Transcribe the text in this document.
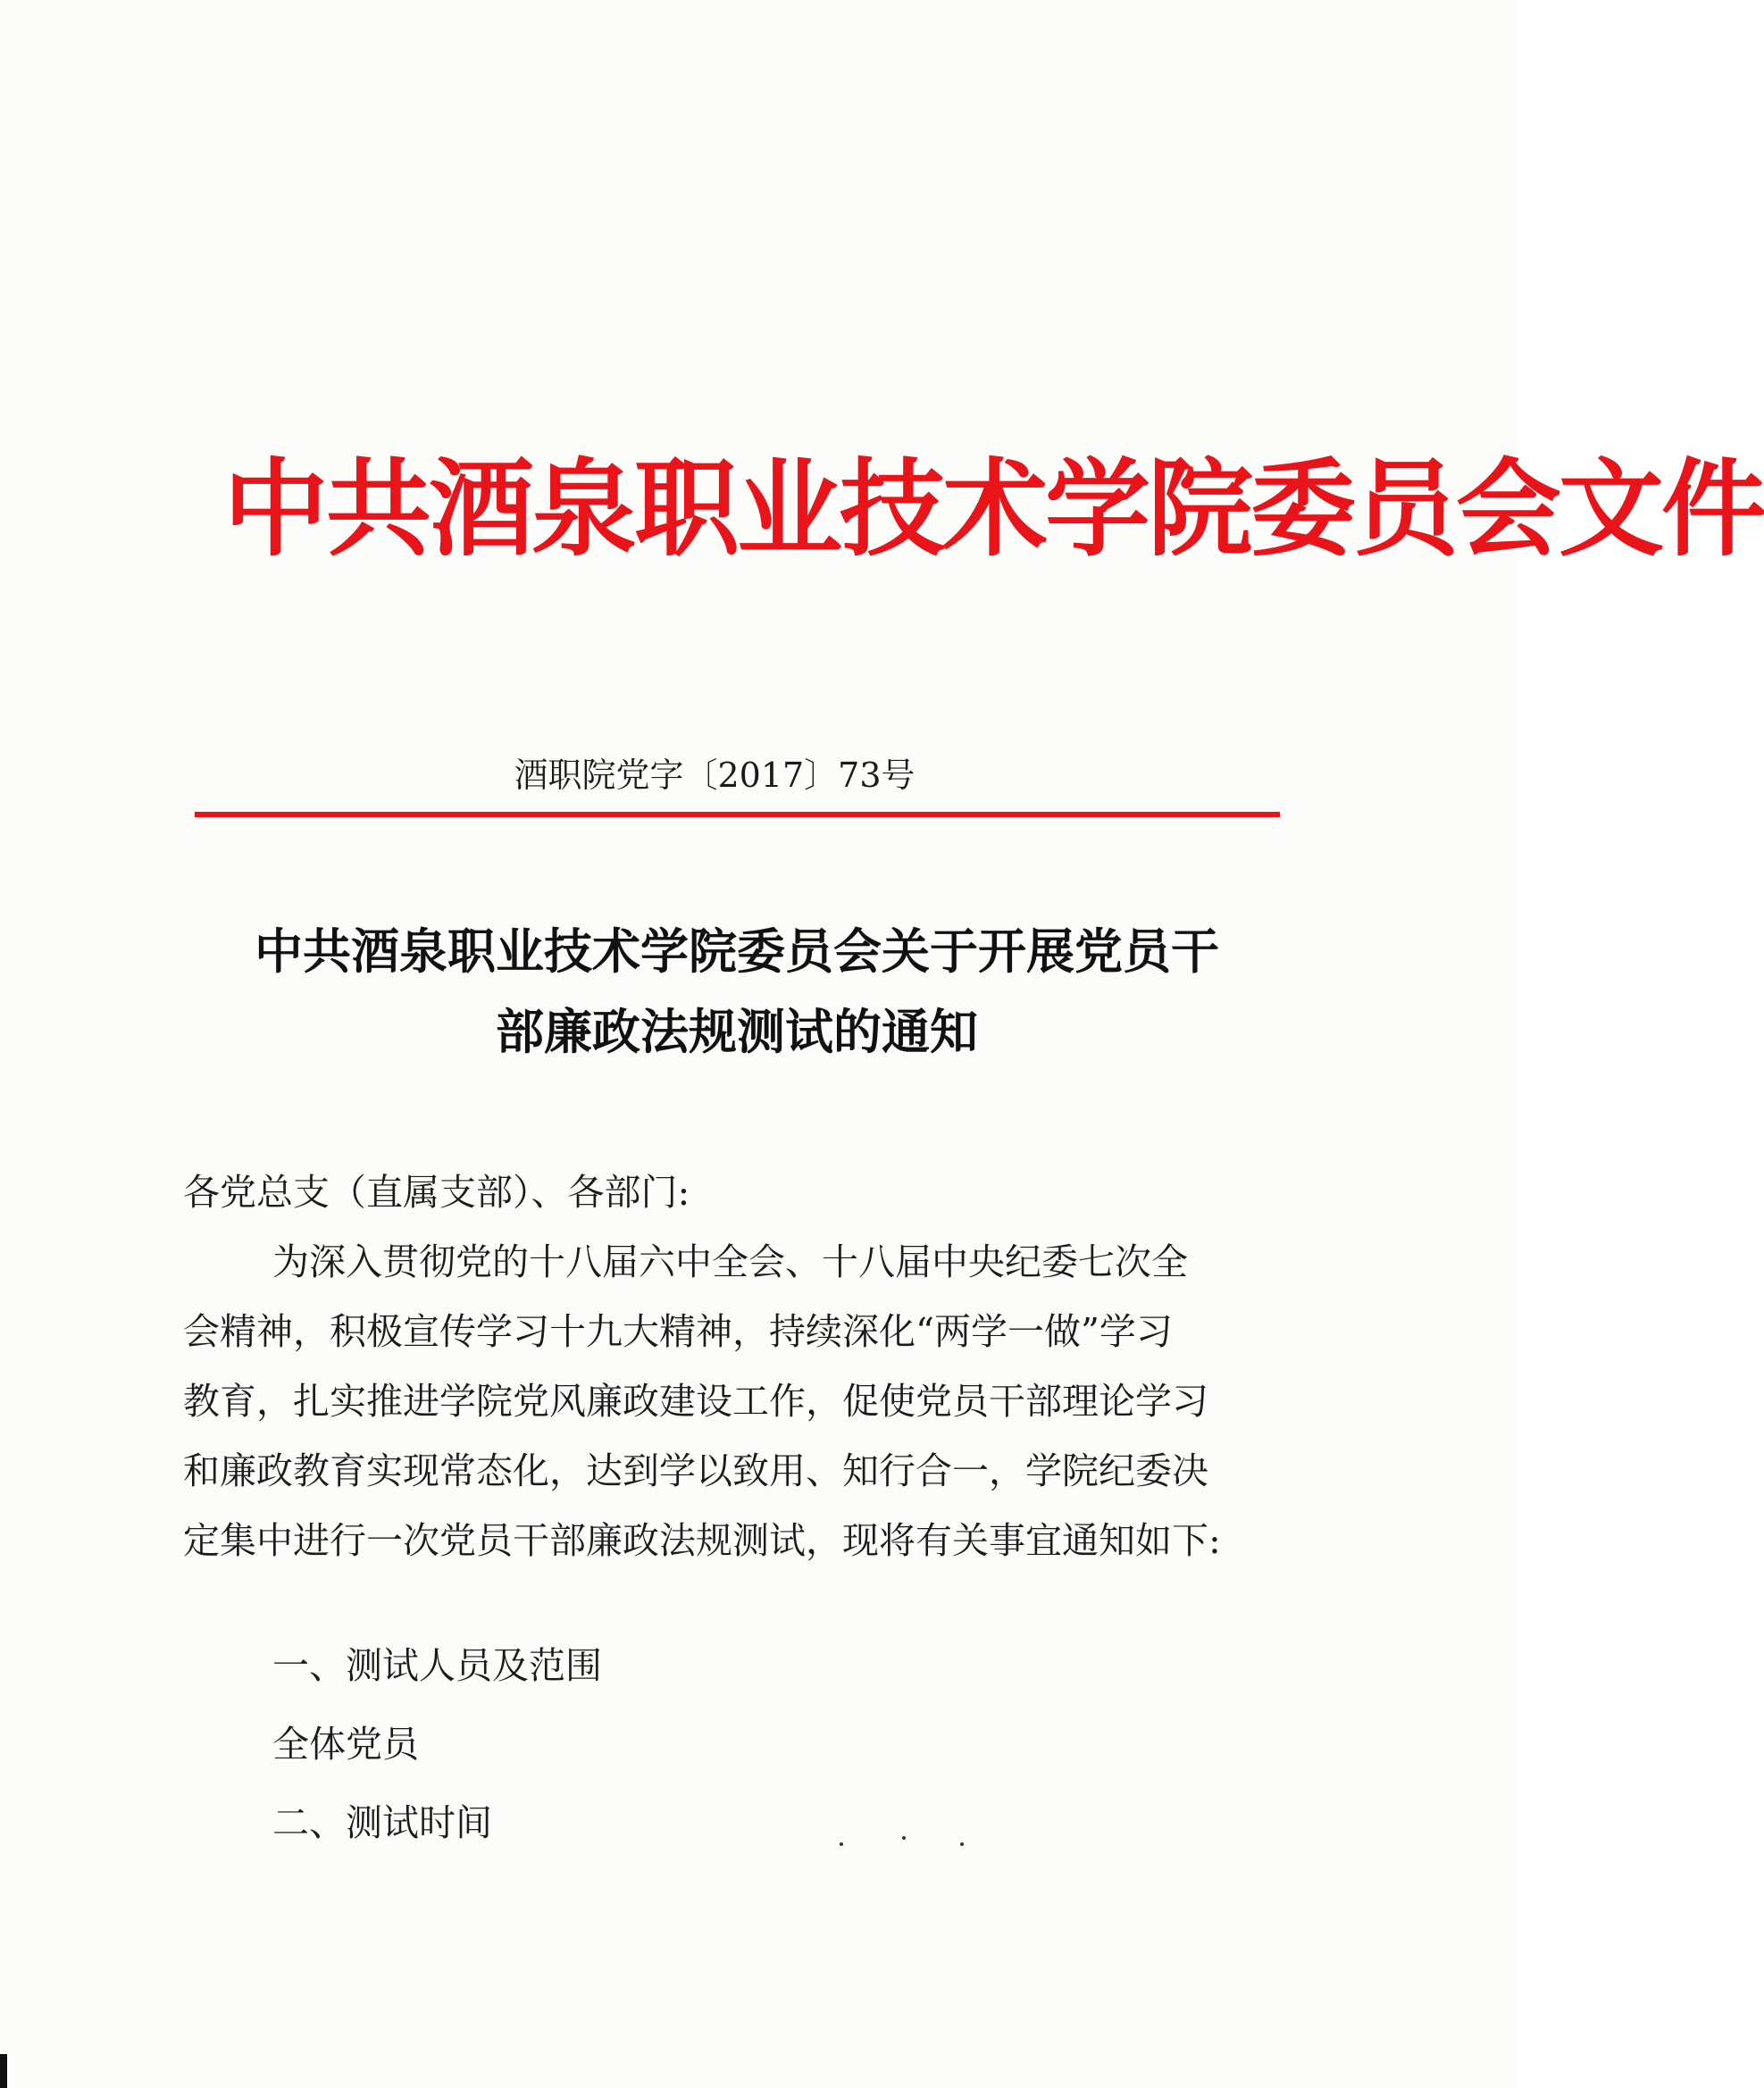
中共酒泉职业技术学院委员会文件
酒职院党字〔2017〕73号
中共酒泉职业技术学院委员会关于开展党员干
部廉政法规测试的通知

各党总支（直属支部）、各部门:

为深入贯彻党的十八届六中全会、十八届中央纪委七次全

会精神，积极宣传学习十九大精神，持续深化“两学一做”学习

教育，扎实推进学院党风廉政建设工作，促使党员干部理论学习

和廉政教育实现常态化，达到学以致用、知行合一，学院纪委决

定集中进行一次党员干部廉政法规测试，现将有关事宜通知如下:

一、测试人员及范围

全体党员

二、测试时间
